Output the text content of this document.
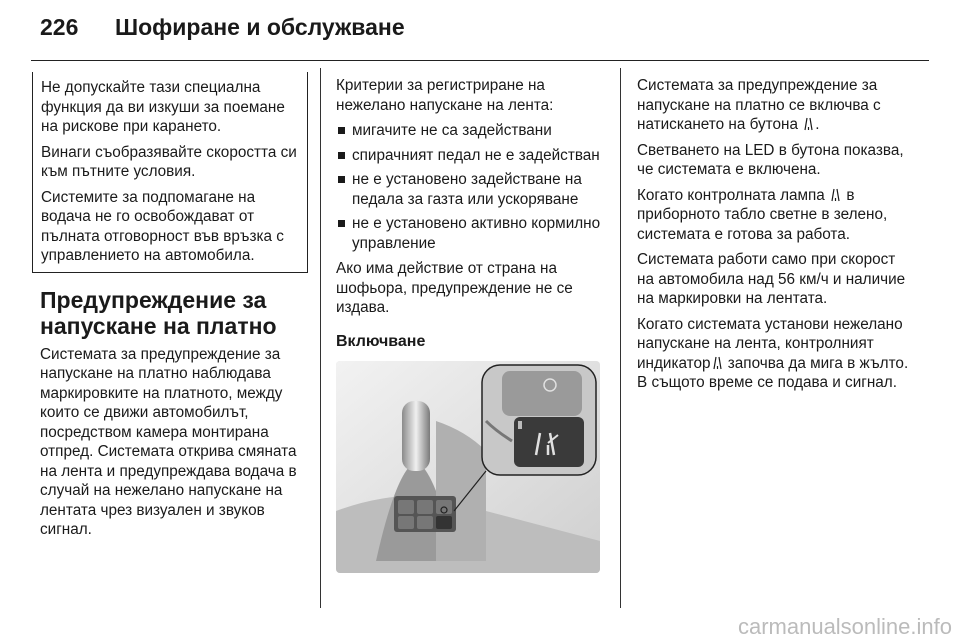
226	Шофиране и обслужване

Не допускайте тази специална функция да ви изкуши за поемане на рискове при карането.

Винаги съобразявайте скоростта си към пътните условия.

Системите за подпомагане на водача не го освобождават от пълната отговорност във връзка с управлението на автомобила.

Предупреждение за напускане на платно

Системата за предупреждение за напускане на платно наблюдава маркировките на платното, между които се движи автомобилът, посредством камера монтирана отпред. Системата открива смяната на лента и предупреждава водача в случай на нежелано напускане на лентата чрез визуален и звуков сигнал.

Критерии за регистриране на нежелано напускане на лента:

мигачите не са задействани
спирачният педал не е задействан
не е установено задействане на педала за газта или ускоряване
не е установено активно кормилно управление

Ако има действие от страна на шофьора, предупреждение не се издава.

Включване

Системата за предупреждение за напускане на платно се включва с натискането на бутона .

Светването на LED в бутона показва, че системата е включена.

Когато контролната лампа в приборното табло светне в зелено, системата е готова за работа.

Системата работи само при скорост на автомобила над 56 км/ч и наличие на маркировки на лентата.

Когато системата установи нежелано напускане на лента, контролният индикатор започва да мига в жълто. В същото време се подава и сигнал.

carmanualsonline.info
